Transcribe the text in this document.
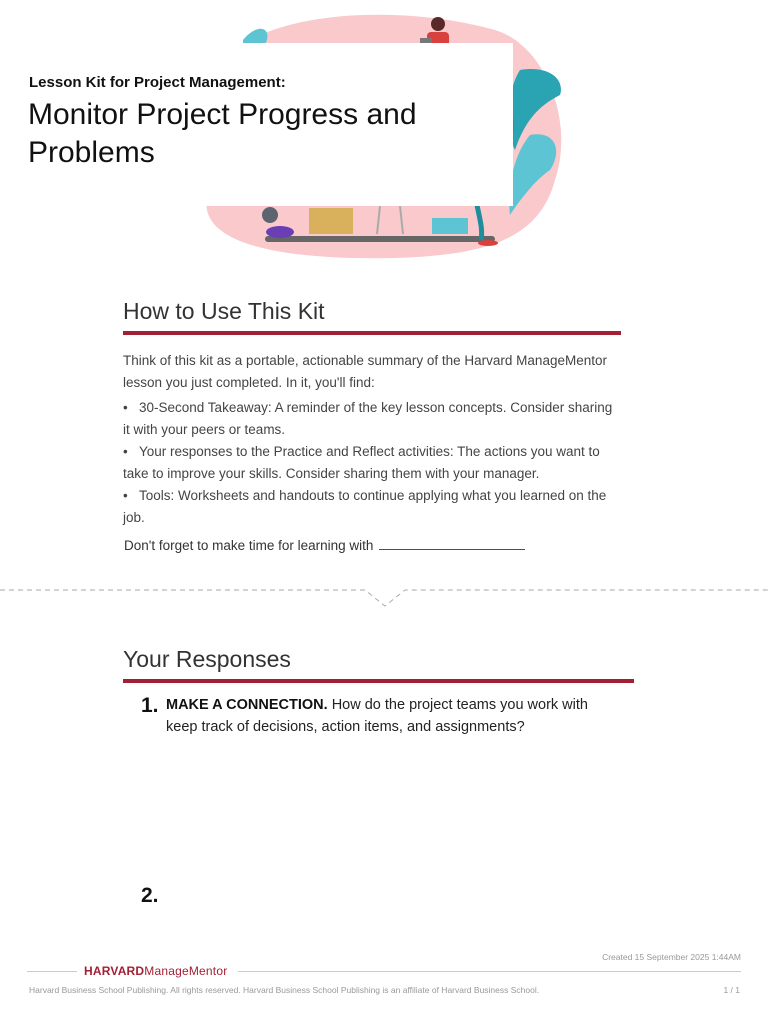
Lesson Kit for Project Management:
Monitor Project Progress and Problems
How to Use This Kit
Think of this kit as a portable, actionable summary of the Harvard ManageMentor lesson you just completed. In it, you'll find:
• 30-Second Takeaway: A reminder of the key lesson concepts. Consider sharing it with your peers or teams.
• Your responses to the Practice and Reflect activities: The actions you want to take to improve your skills. Consider sharing them with your manager.
• Tools: Worksheets and handouts to continue applying what you learned on the job.
Don't forget to make time for learning with
Your Responses
1. MAKE A CONNECTION. How do the project teams you work with keep track of decisions, action items, and assignments?
2.
Created 15 September 2025 1:44AM
HARVARDManageMentor
Harvard Business School Publishing. All rights reserved. Harvard Business School Publishing is an affiliate of Harvard Business School.	1 / 1
